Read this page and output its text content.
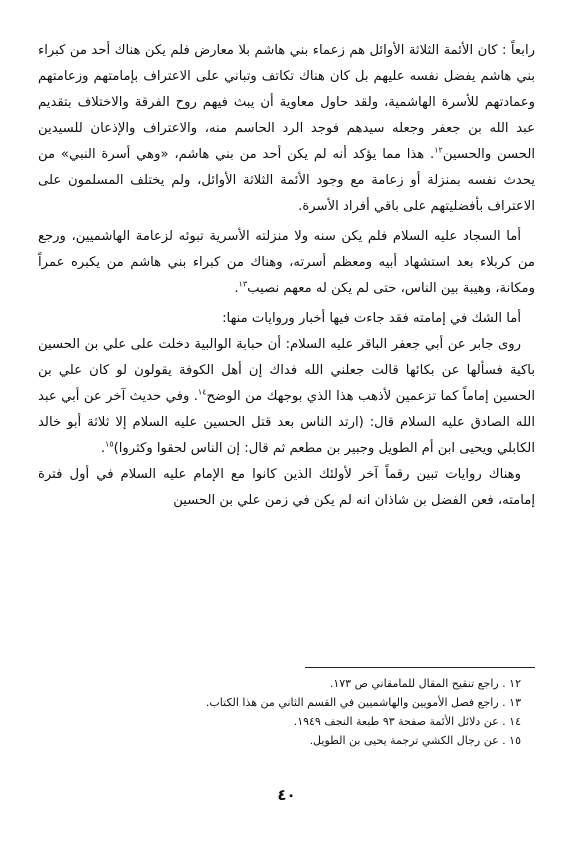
رابعاً : كان الأئمة الثلاثة الأوائل هم زعماء بني هاشم بلا معارض فلم يكن هناك أحد من كبراء بني هاشم يفضل نفسه عليهم بل كان هناك تكاتف وتباني على الاعتراف بإمامتهم وزعامتهم وعمادتهم للأسرة الهاشمية، ولقد حاول معاوية أن يبث فيهم روح الفرقة والاختلاف بتقديم عبد الله بن جعفر وجعله سيدهم فوجد الرد الحاسم منه، والاعتراف والإذعان للسيدين الحسن والحسين$^{١٢}$. هذا مما يؤكد أنه لم يكن أحد من بني هاشم، «وهي أسرة النبي» من يحدث نفسه بمنزلة أو زعامة مع وجود الأئمة الثلاثة الأوائل، ولم يختلف المسلمون على الاعتراف بأفضليتهم على باقي أفراد الأسرة.

أما السجاد عليه السلام فلم يكن سنه ولا منزلته الأسرية تبوئه لزعامة الهاشميين، ورجع من كربلاء بعد استشهاد أبيه ومعظم أسرته، وهناك من كبراء بني هاشم من يكبره عمراً ومكانة، وهيبة بين الناس، حتى لم يكن له معهم نصيب$^{١٣}$.

أما الشك في إمامته فقد جاءت فيها أخبار وروايات منها:

روى جابر عن أبي جعفر الباقر عليه السلام: أن حبابة الوالبية دخلت على علي بن الحسين باكية فسألها عن بكائها قالت جعلني الله فداك إن أهل الكوفة يقولون لو كان علي بن الحسين إماماً كما تزعمين لأذهب هذا الذي بوجهك من الوضح$^{١٤}$. وفي حديث آخر عن أبي عبد الله الصادق عليه السلام قال: (ارتد الناس بعد قتل الحسين عليه السلام إلا ثلاثة أبو خالد الكابلي ويحيى ابن أم الطويل وجبير بن مطعم ثم قال: إن الناس لحقوا وكثروا)$^{١٥}$.

وهناك روايات تبين رقماً آخر لأولئك الذين كانوا مع الإمام عليه السلام في أول فترة إمامته، فعن الفضل بن شاذان انه لم يكن في زمن علي بن الحسين

١٢ . راجع تنقيح المقال للمامقاني ص ١٧٣.

١٣ . راجع فصل الأمويين والهاشميين في القسم الثاني من هذا الكتاب.

١٤ . عن دلائل الأئمة صفحة ٩٣ طبعة النجف ١٩٤٩.

١٥ . عن رجال الكشي ترجمة يحيى بن الطويل.

٤٠
